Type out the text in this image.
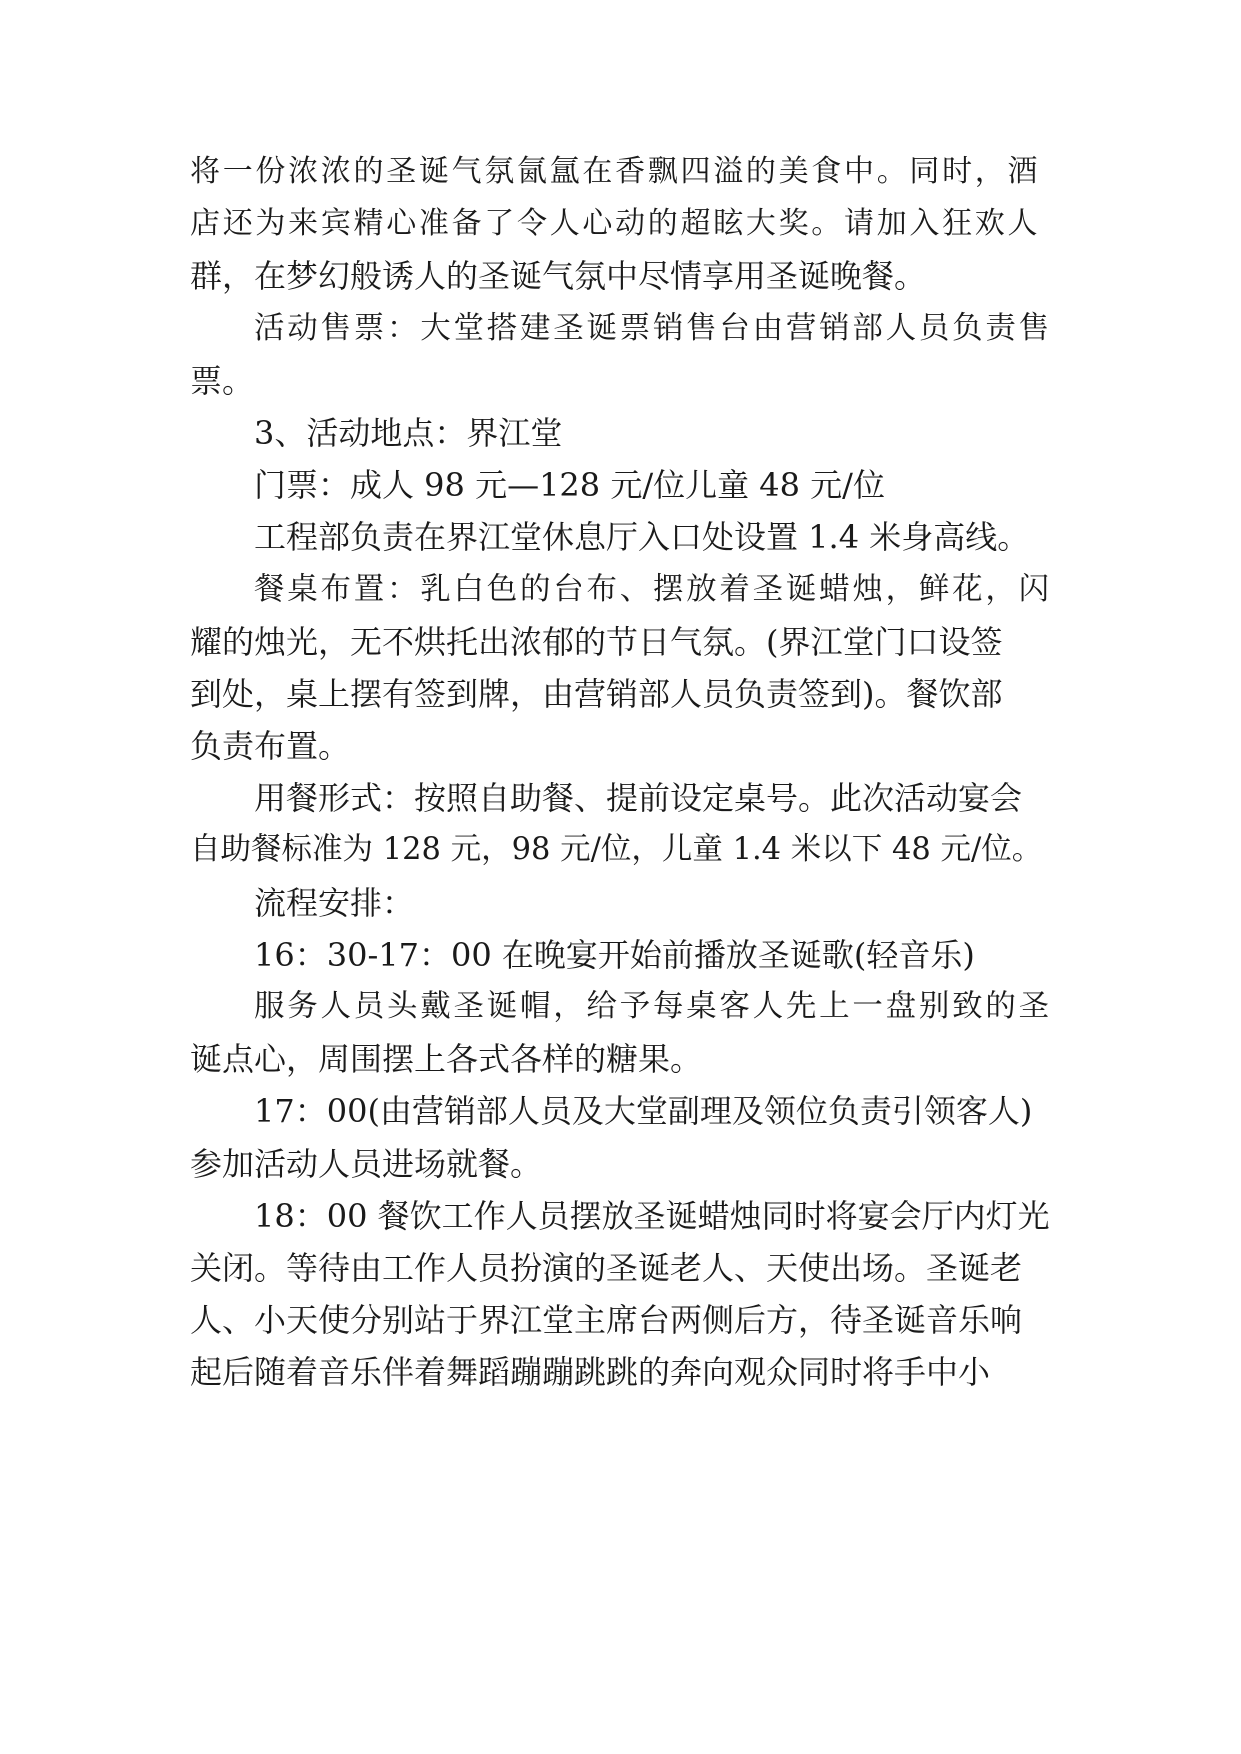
将一份浓浓的圣诞气氛氤氲在香飘四溢的美食中。同时，酒
店还为来宾精心准备了令人心动的超眩大奖。请加入狂欢人
群，在梦幻般诱人的圣诞气氛中尽情享用圣诞晚餐。
活动售票：大堂搭建圣诞票销售台由营销部人员负责售
票。
3、活动地点：界江堂
门票：成人 98 元—128 元/位儿童 48 元/位
工程部负责在界江堂休息厅入口处设置 1.4 米身高线。
餐桌布置：乳白色的台布、摆放着圣诞蜡烛，鲜花，闪
耀的烛光，无不烘托出浓郁的节日气氛。(界江堂门口设签
到处，桌上摆有签到牌，由营销部人员负责签到)。餐饮部
负责布置。
用餐形式：按照自助餐、提前设定桌号。此次活动宴会
自助餐标准为 128 元，98 元/位，儿童 1.4 米以下 48 元/位。
流程安排：
16：30-17：00 在晚宴开始前播放圣诞歌(轻音乐)
服务人员头戴圣诞帽，给予每桌客人先上一盘别致的圣
诞点心，周围摆上各式各样的糖果。
17：00(由营销部人员及大堂副理及领位负责引领客人)
参加活动人员进场就餐。
18：00 餐饮工作人员摆放圣诞蜡烛同时将宴会厅内灯光
关闭。等待由工作人员扮演的圣诞老人、天使出场。圣诞老
人、小天使分别站于界江堂主席台两侧后方，待圣诞音乐响
起后随着音乐伴着舞蹈蹦蹦跳跳的奔向观众同时将手中小
